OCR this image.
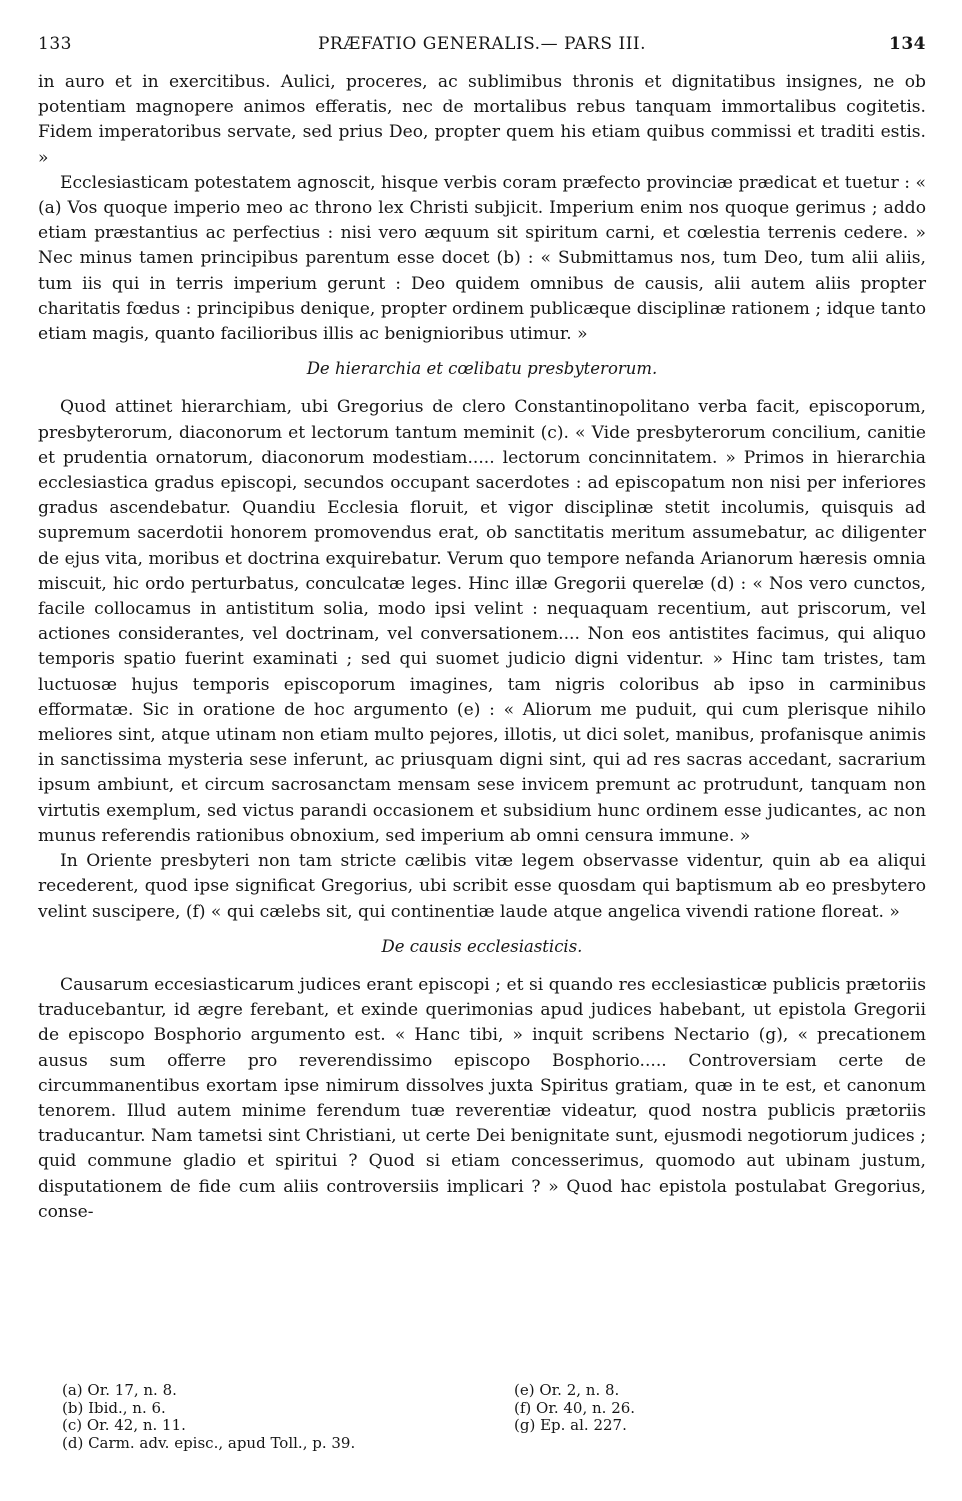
133	PRÆFATIO GENERALIS.— PARS III.	134

in auro et in exercitibus. Aulici, proceres, ac sublimibus thronis et dignitatibus insignes, ne ob potentiam magnopere animos efferatis, nec de mortalibus rebus tanquam immortalibus cogitetis. Fidem imperatoribus servate, sed prius Deo, propter quem his etiam quibus commissi et traditi estis. »

Ecclesiasticam potestatem agnoscit, hisque verbis coram præfecto provinciæ prædicat et tuetur : « (a) Vos quoque imperio meo ac throno lex Christi subjicit. Imperium enim nos quoque gerimus ; addo etiam præstantius ac perfectius : nisi vero æquum sit spiritum carni, et cœlestia terrenis cedere. » Nec minus tamen principibus parentum esse docet (b) : « Submittamus nos, tum Deo, tum alii aliis, tum iis qui in terris imperium gerunt : Deo quidem omnibus de causis, alii autem aliis propter charitatis fœdus : principibus denique, propter ordinem publicæque disciplinæ rationem ; idque tanto etiam magis, quanto facilioribus illis ac benignioribus utimur. »

De hierarchia et cœlibatu presbyterorum.

Quod attinet hierarchiam, ubi Gregorius de clero Constantinopolitano verba facit, episcoporum, presbyterorum, diaconorum et lectorum tantum meminit (c). « Vide presbyterorum concilium, canitie et prudentia ornatorum, diaconorum modestiam..... lectorum concinnitatem. » Primos in hierarchia ecclesiastica gradus episcopi, secundos occupant sacerdotes : ad episcopatum non nisi per inferiores gradus ascendebatur. Quandiu Ecclesia floruit, et vigor disciplinæ stetit incolumis, quisquis ad supremum sacerdotii honorem promovendus erat, ob sanctitatis meritum assumebatur, ac diligenter de ejus vita, moribus et doctrina exquirebatur. Verum quo tempore nefanda Arianorum hæresis omnia miscuit, hic ordo perturbatus, conculcatæ leges. Hinc illæ Gregorii querelæ (d) : « Nos vero cunctos, facile collocamus in antistitum solia, modo ipsi velint : nequaquam recentium, aut priscorum, vel actiones considerantes, vel doctrinam, vel conversationem.... Non eos antistites facimus, qui aliquo temporis spatio fuerint examinati ; sed qui suomet judicio digni videntur. » Hinc tam tristes, tam luctuosæ hujus temporis episcoporum imagines, tam nigris coloribus ab ipso in carminibus efformatæ. Sic in oratione de hoc argumento (e) : « Aliorum me puduit, qui cum plerisque nihilo meliores sint, atque utinam non etiam multo pejores, illotis, ut dici solet, manibus, profanisque animis in sanctissima mysteria sese inferunt, ac priusquam digni sint, qui ad res sacras accedant, sacrarium ipsum ambiunt, et circum sacrosanctam mensam sese invicem premunt ac protrudunt, tanquam non virtutis exemplum, sed victus parandi occasionem et subsidium hunc ordinem esse judicantes, ac non munus referendis rationibus obnoxium, sed imperium ab omni censura immune. »

In Oriente presbyteri non tam stricte cælibis vitæ legem observasse videntur, quin ab ea aliqui recederent, quod ipse significat Gregorius, ubi scribit esse quosdam qui baptismum ab eo presbytero velint suscipere, (f) « qui cælebs sit, qui continentiæ laude atque angelica vivendi ratione floreat. »

De causis ecclesiasticis.

Causarum eccesiasticarum judices erant episcopi ; et si quando res ecclesiasticæ publicis prætoriis traducebantur, id ægre ferebant, et exinde querimonias apud judices habebant, ut epistola Gregorii de episcopo Bosphorio argumento est. « Hanc tibi, » inquit scribens Nectario (g), « precationem ausus sum offerre pro reverendissimo episcopo Bosphorio..... Controversiam certe de circummanentibus exortam ipse nimirum dissolves juxta Spiritus gratiam, quæ in te est, et canonum tenorem. Illud autem minime ferendum tuæ reverentiæ videatur, quod nostra publicis prætoriis traducantur. Nam tametsi sint Christiani, ut certe Dei benignitate sunt, ejusmodi negotiorum judices ; quid commune gladio et spiritui ? Quod si etiam concesserimus, quomodo aut ubinam justum, disputationem de fide cum aliis controversiis implicari ? » Quod hac epistola postulabat Gregorius, conse-

(a) Or. 17, n. 8.
(b) Ibid., n. 6.
(c) Or. 42, n. 11.
(d) Carm. adv. episc., apud Toll., p. 39.
(e) Or. 2, n. 8.
(f) Or. 40, n. 26.
(g) Ep. al. 227.
